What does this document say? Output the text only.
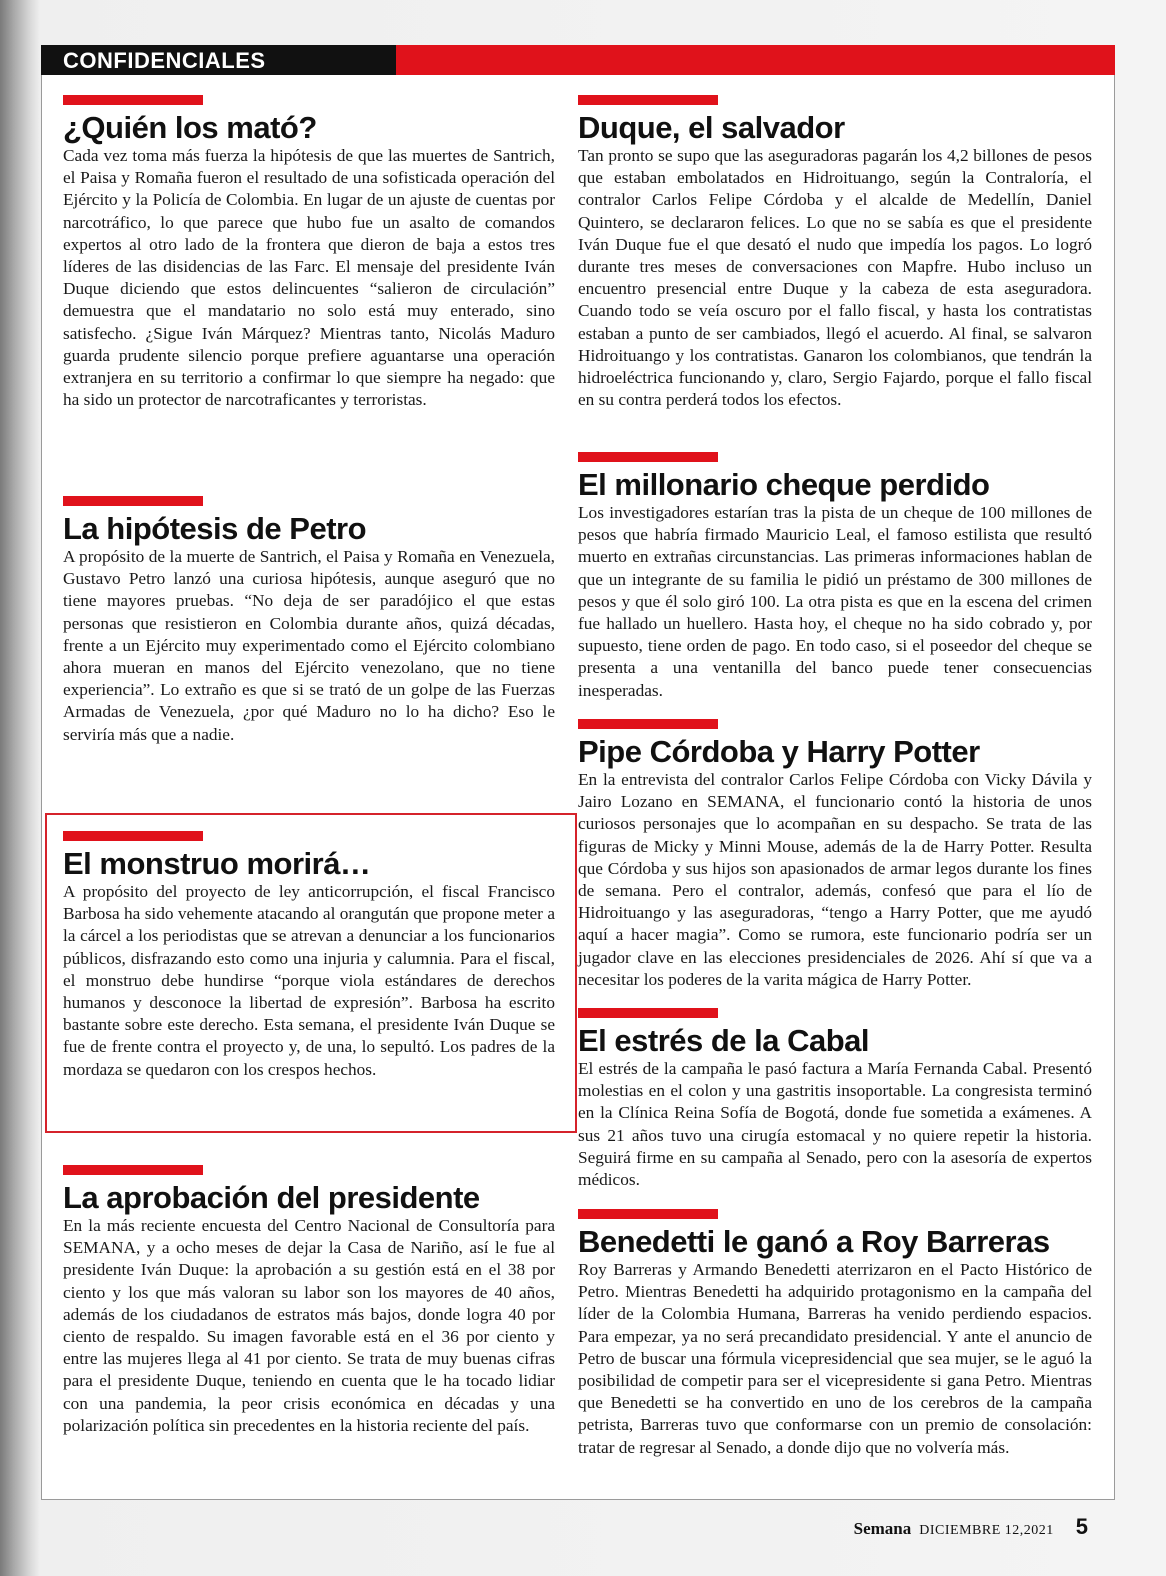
CONFIDENCIALES
¿Quién los mató?

Cada vez toma más fuerza la hipótesis de que las muertes de Santrich, el Paisa y Romaña fueron el resultado de una sofisticada operación del Ejército y la Policía de Colombia. En lugar de un ajuste de cuentas por narcotráfico, lo que parece que hubo fue un asalto de comandos expertos al otro lado de la frontera que dieron de baja a estos tres líderes de las disidencias de las Farc. El mensaje del presidente Iván Duque diciendo que estos delincuentes “salieron de circulación” demuestra que el mandatario no solo está muy enterado, sino satisfecho. ¿Sigue Iván Márquez? Mientras tanto, Nicolás Maduro guarda prudente silencio porque prefiere aguantarse una operación extranjera en su territorio a confirmar lo que siempre ha negado: que ha sido un protector de narcotraficantes y terroristas.

La hipótesis de Petro

A propósito de la muerte de Santrich, el Paisa y Romaña en Venezuela, Gustavo Petro lanzó una curiosa hipótesis, aunque aseguró que no tiene mayores pruebas. “No deja de ser paradójico el que estas personas que resistieron en Colombia durante años, quizá décadas, frente a un Ejército muy experimentado como el Ejército colombiano ahora mueran en manos del Ejército venezolano, que no tiene experiencia”. Lo extraño es que si se trató de un golpe de las Fuerzas Armadas de Venezuela, ¿por qué Maduro no lo ha dicho? Eso le serviría más que a nadie.

El monstruo morirá…

A propósito del proyecto de ley anticorrupción, el fiscal Francisco Barbosa ha sido vehemente atacando al orangután que propone meter a la cárcel a los periodistas que se atrevan a denunciar a los funcionarios públicos, disfrazando esto como una injuria y calumnia. Para el fiscal, el monstruo debe hundirse “porque viola estándares de derechos humanos y desconoce la libertad de expresión”. Barbosa ha escrito bastante sobre este derecho. Esta semana, el presidente Iván Duque se fue de frente contra el proyecto y, de una, lo sepultó. Los padres de la mordaza se quedaron con los crespos hechos.

La aprobación del presidente

En la más reciente encuesta del Centro Nacional de Consultoría para SEMANA, y a ocho meses de dejar la Casa de Nariño, así le fue al presidente Iván Duque: la aprobación a su gestión está en el 38 por ciento y los que más valoran su labor son los mayores de 40 años, además de los ciudadanos de estratos más bajos, donde logra 40 por ciento de respaldo. Su imagen favorable está en el 36 por ciento y entre las mujeres llega al 41 por ciento. Se trata de muy buenas cifras para el presidente Duque, teniendo en cuenta que le ha tocado lidiar con una pandemia, la peor crisis económica en décadas y una polarización política sin precedentes en la historia reciente del país.

Duque, el salvador

Tan pronto se supo que las aseguradoras pagarán los 4,2 billones de pesos que estaban embolatados en Hidroituango, según la Contraloría, el contralor Carlos Felipe Córdoba y el alcalde de Medellín, Daniel Quintero, se declararon felices. Lo que no se sabía es que el presidente Iván Duque fue el que desató el nudo que impedía los pagos. Lo logró durante tres meses de conversaciones con Mapfre. Hubo incluso un encuentro presencial entre Duque y la cabeza de esta aseguradora. Cuando todo se veía oscuro por el fallo fiscal, y hasta los contratistas estaban a punto de ser cambiados, llegó el acuerdo. Al final, se salvaron Hidroituango y los contratistas. Ganaron los colombianos, que tendrán la hidroeléctrica funcionando y, claro, Sergio Fajardo, porque el fallo fiscal en su contra perderá todos los efectos.

El millonario cheque perdido

Los investigadores estarían tras la pista de un cheque de 100 millones de pesos que habría firmado Mauricio Leal, el famoso estilista que resultó muerto en extrañas circunstancias. Las primeras informaciones hablan de que un integrante de su familia le pidió un préstamo de 300 millones de pesos y que él solo giró 100. La otra pista es que en la escena del crimen fue hallado un huellero. Hasta hoy, el cheque no ha sido cobrado y, por supuesto, tiene orden de pago. En todo caso, si el poseedor del cheque se presenta a una ventanilla del banco puede tener consecuencias inesperadas.

Pipe Córdoba y Harry Potter

En la entrevista del contralor Carlos Felipe Córdoba con Vicky Dávila y Jairo Lozano en SEMANA, el funcionario contó la historia de unos curiosos personajes que lo acompañan en su despacho. Se trata de las figuras de Micky y Minni Mouse, además de la de Harry Potter. Resulta que Córdoba y sus hijos son apasionados de armar legos durante los fines de semana. Pero el contralor, además, confesó que para el lío de Hidroituango y las aseguradoras, “tengo a Harry Potter, que me ayudó aquí a hacer magia”. Como se rumora, este funcionario podría ser un jugador clave en las elecciones presidenciales de 2026. Ahí sí que va a necesitar los poderes de la varita mágica de Harry Potter.

El estrés de la Cabal

El estrés de la campaña le pasó factura a María Fernanda Cabal. Presentó molestias en el colon y una gastritis insoportable. La congresista terminó en la Clínica Reina Sofía de Bogotá, donde fue sometida a exámenes. A sus 21 años tuvo una cirugía estomacal y no quiere repetir la historia. Seguirá firme en su campaña al Senado, pero con la asesoría de expertos médicos.

Benedetti le ganó a Roy Barreras

Roy Barreras y Armando Benedetti aterrizaron en el Pacto Histórico de Petro. Mientras Benedetti ha adquirido protagonismo en la campaña del líder de la Colombia Humana, Barreras ha venido perdiendo espacios. Para empezar, ya no será precandidato presidencial. Y ante el anuncio de Petro de buscar una fórmula vicepresidencial que sea mujer, se le aguó la posibilidad de competir para ser el vicepresidente si gana Petro. Mientras que Benedetti se ha convertido en uno de los cerebros de la campaña petrista, Barreras tuvo que conformarse con un premio de consolación: tratar de regresar al Senado, a donde dijo que no volvería más.

Semana DICIEMBRE 12,2021 5
